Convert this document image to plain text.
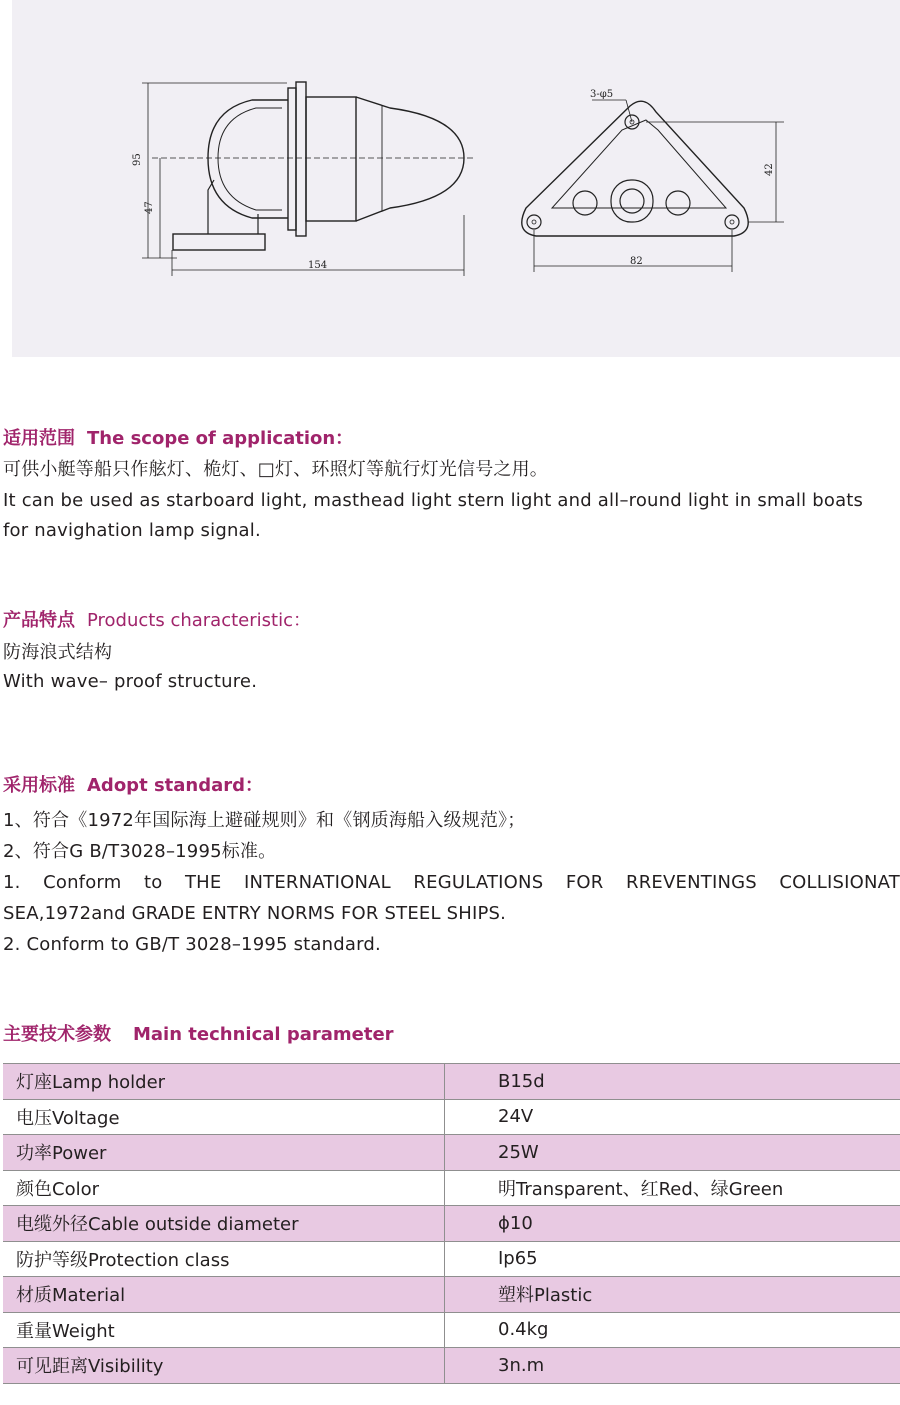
95
47
154
3-φ5
42
82
适用范围 The scope of application：

可供小艇等船只作舷灯、桅灯、□灯、环照灯等航行灯光信号之用。

It can be used as starboard light, masthead light stern light and all–round light in small boats

for navighation lamp signal.

产品特点 Products characteristic：

防海浪式结构

With wave– proof structure.

采用标准 Adopt standard：

1、符合《1972年国际海上避碰规则》和《钢质海船入级规范》；

2、符合G B/T3028–1995标准。

1. Conform to THE INTERNATIONAL REGULATIONS FOR RREVENTINGS COLLISIONAT

SEA,1972and GRADE ENTRY NORMS FOR STEEL SHIPS.

2. Conform to GB/T 3028–1995 standard.

主要技术参数 Main technical parameter
灯座Lamp holder	B15d
电压Voltage	24V
功率Power	25W
颜色Color	明Transparent、红Red、绿Green
电缆外径Cable outside diameter	ϕ10
防护等级Protection class	Ip65
材质Material	塑料Plastic
重量Weight	0.4kg
可见距离Visibility	3n.m
